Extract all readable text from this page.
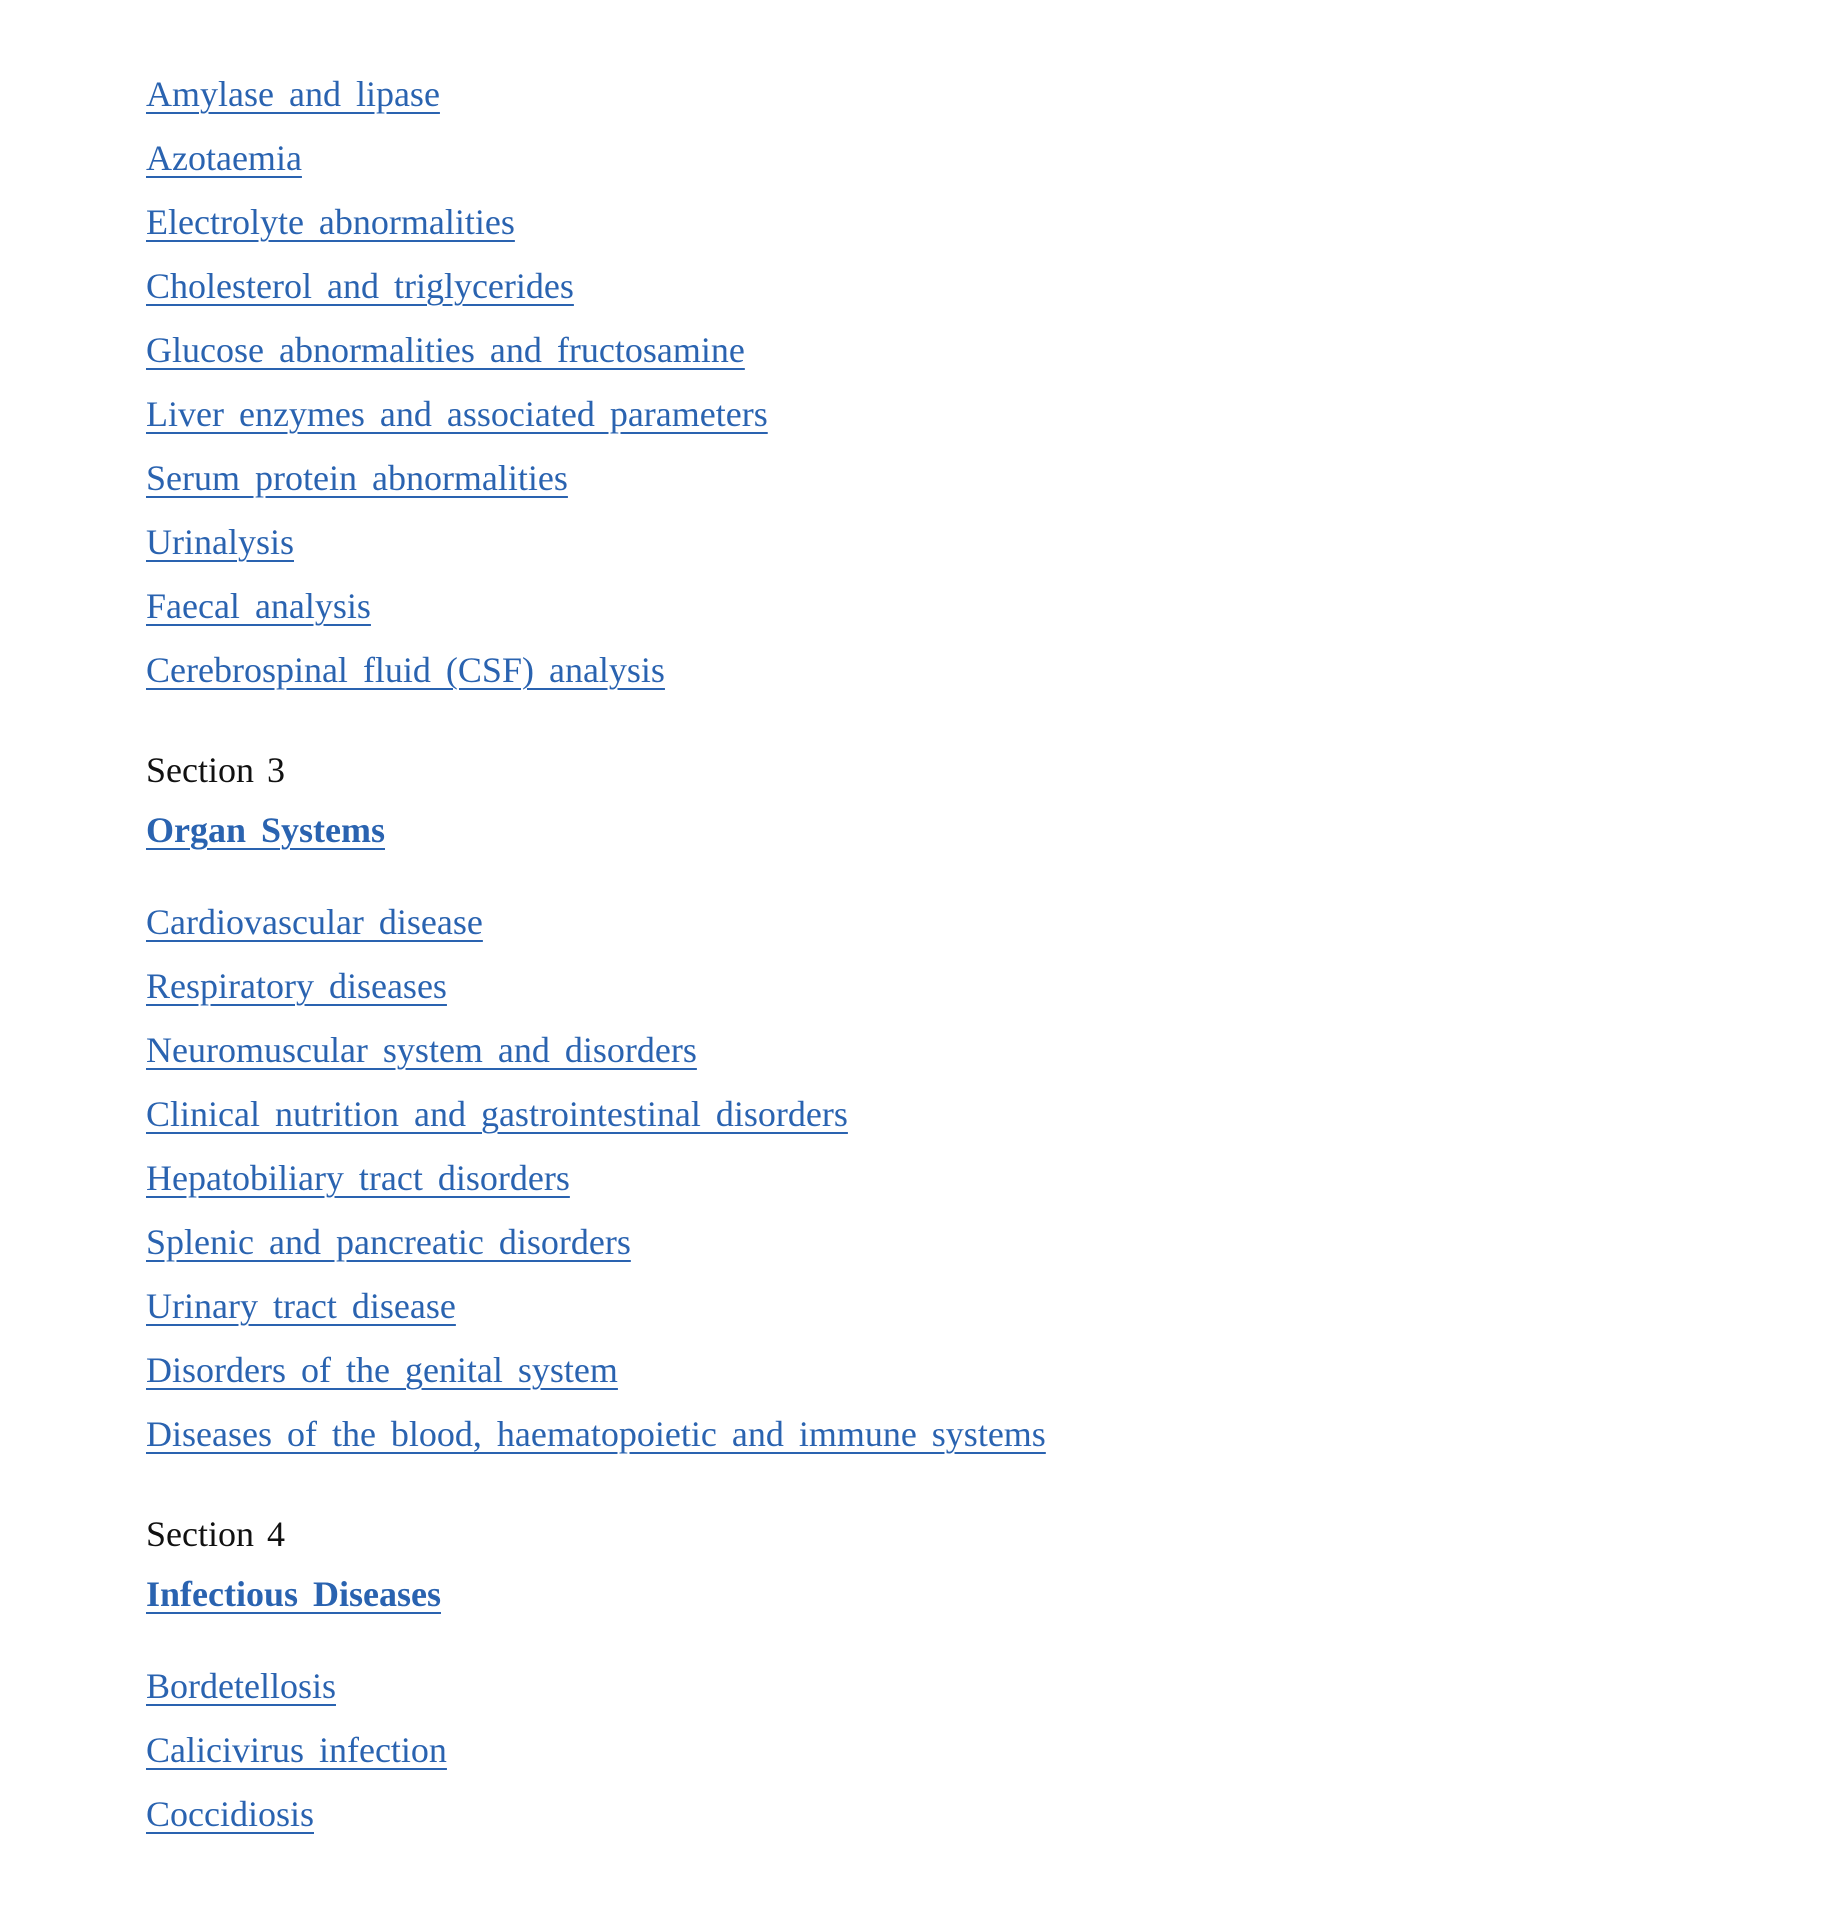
Amylase and lipase
Azotaemia
Electrolyte abnormalities
Cholesterol and triglycerides
Glucose abnormalities and fructosamine
Liver enzymes and associated parameters
Serum protein abnormalities
Urinalysis
Faecal analysis
Cerebrospinal fluid (CSF) analysis
Section 3
Organ Systems
Cardiovascular disease
Respiratory diseases
Neuromuscular system and disorders
Clinical nutrition and gastrointestinal disorders
Hepatobiliary tract disorders
Splenic and pancreatic disorders
Urinary tract disease
Disorders of the genital system
Diseases of the blood, haematopoietic and immune systems
Section 4
Infectious Diseases
Bordetellosis
Calicivirus infection
Coccidiosis
